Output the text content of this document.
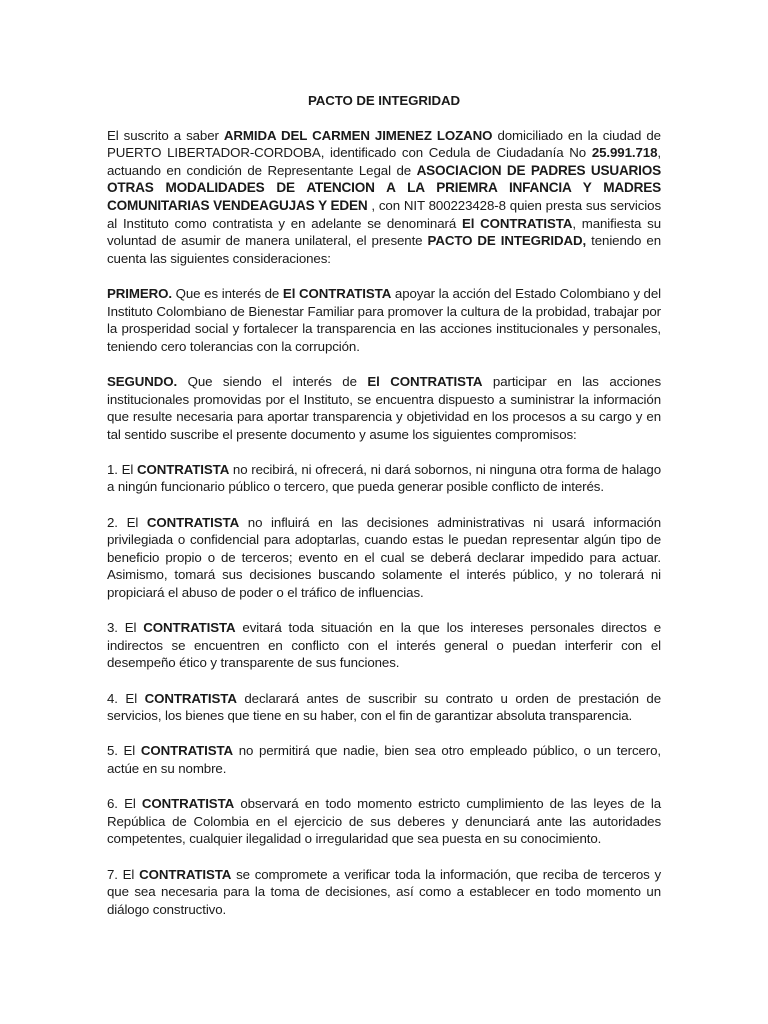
PACTO DE INTEGRIDAD

El suscrito a saber ARMIDA DEL CARMEN JIMENEZ LOZANO domiciliado en la ciudad de PUERTO LIBERTADOR-CORDOBA, identificado con Cedula de Ciudadanía No 25.991.718, actuando en condición de Representante Legal de ASOCIACION DE PADRES USUARIOS OTRAS MODALIDADES DE ATENCION A LA PRIEMRA INFANCIA Y MADRES COMUNITARIAS VENDEAGUJAS Y EDEN , con NIT 800223428-8 quien presta sus servicios al Instituto como contratista y en adelante se denominará El CONTRATISTA, manifiesta su voluntad de asumir de manera unilateral, el presente PACTO DE INTEGRIDAD, teniendo en cuenta las siguientes consideraciones:

PRIMERO. Que es interés de El CONTRATISTA apoyar la acción del Estado Colombiano y del Instituto Colombiano de Bienestar Familiar para promover la cultura de la probidad, trabajar por la prosperidad social y fortalecer la transparencia en las acciones institucionales y personales, teniendo cero tolerancias con la corrupción.

SEGUNDO. Que siendo el interés de El CONTRATISTA participar en las acciones institucionales promovidas por el Instituto, se encuentra dispuesto a suministrar la información que resulte necesaria para aportar transparencia y objetividad en los procesos a su cargo y en tal sentido suscribe el presente documento y asume los siguientes compromisos:

1. El CONTRATISTA no recibirá, ni ofrecerá, ni dará sobornos, ni ninguna otra forma de halago a ningún funcionario público o tercero, que pueda generar posible conflicto de interés.

2. El CONTRATISTA no influirá en las decisiones administrativas ni usará información privilegiada o confidencial para adoptarlas, cuando estas le puedan representar algún tipo de beneficio propio o de terceros; evento en el cual se deberá declarar impedido para actuar. Asimismo, tomará sus decisiones buscando solamente el interés público, y no tolerará ni propiciará el abuso de poder o el tráfico de influencias.

3. El CONTRATISTA evitará toda situación en la que los intereses personales directos e indirectos se encuentren en conflicto con el interés general o puedan interferir con el desempeño ético y transparente de sus funciones.

4. El CONTRATISTA declarará antes de suscribir su contrato u orden de prestación de servicios, los bienes que tiene en su haber, con el fin de garantizar absoluta transparencia.

5. El CONTRATISTA no permitirá que nadie, bien sea otro empleado público, o un tercero, actúe en su nombre.

6. El CONTRATISTA observará en todo momento estricto cumplimiento de las leyes de la República de Colombia en el ejercicio de sus deberes y denunciará ante las autoridades competentes, cualquier ilegalidad o irregularidad que sea puesta en su conocimiento.

7. El CONTRATISTA se compromete a verificar toda la información, que reciba de terceros y que sea necesaria para la toma de decisiones, así como a establecer en todo momento un diálogo constructivo.
